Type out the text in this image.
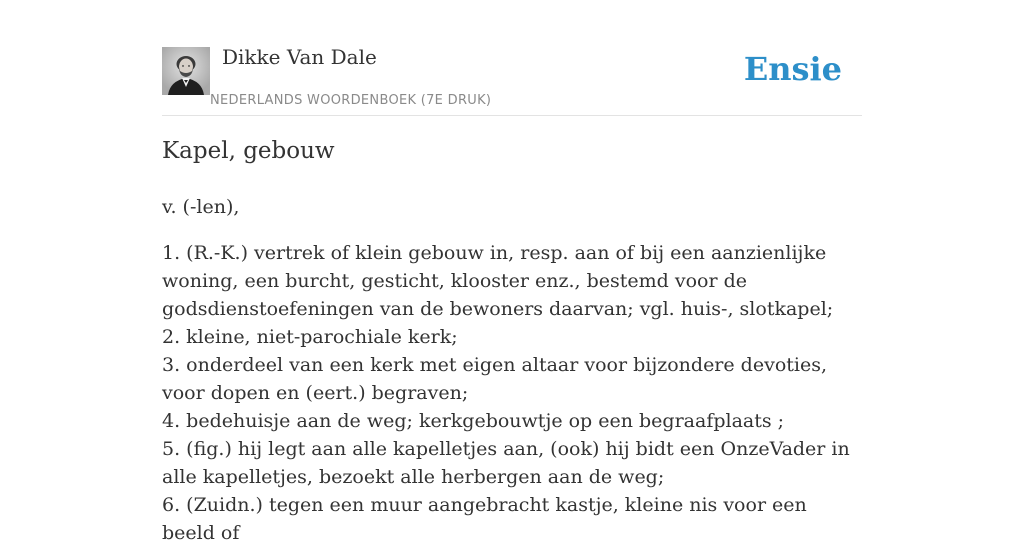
Dikke Van Dale
NEDERLANDS WOORDENBOEK (7E DRUK)
Ensie
Kapel, gebouw

v. (-len),

1. (R.-K.) vertrek of klein gebouw in, resp. aan of bij een aanzienlijke woning, een burcht, gesticht, klooster enz., bestemd voor de godsdienstoefeningen van de bewoners daarvan; vgl. huis-, slotkapel;
2. kleine, niet-parochiale kerk;
3. onderdeel van een kerk met eigen altaar voor bijzondere devoties, voor dopen en (eert.) begraven;
4. bedehuisje aan de weg; kerkgebouwtje op een begraafplaats ;
5. (fig.) hij legt aan alle kapelletjes aan, (ook) hij bidt een OnzeVader in alle kapelletjes, bezoekt alle herbergen aan de weg;
6. (Zuidn.) tegen een muur aangebracht kastje, kleine nis voor een beeld of
